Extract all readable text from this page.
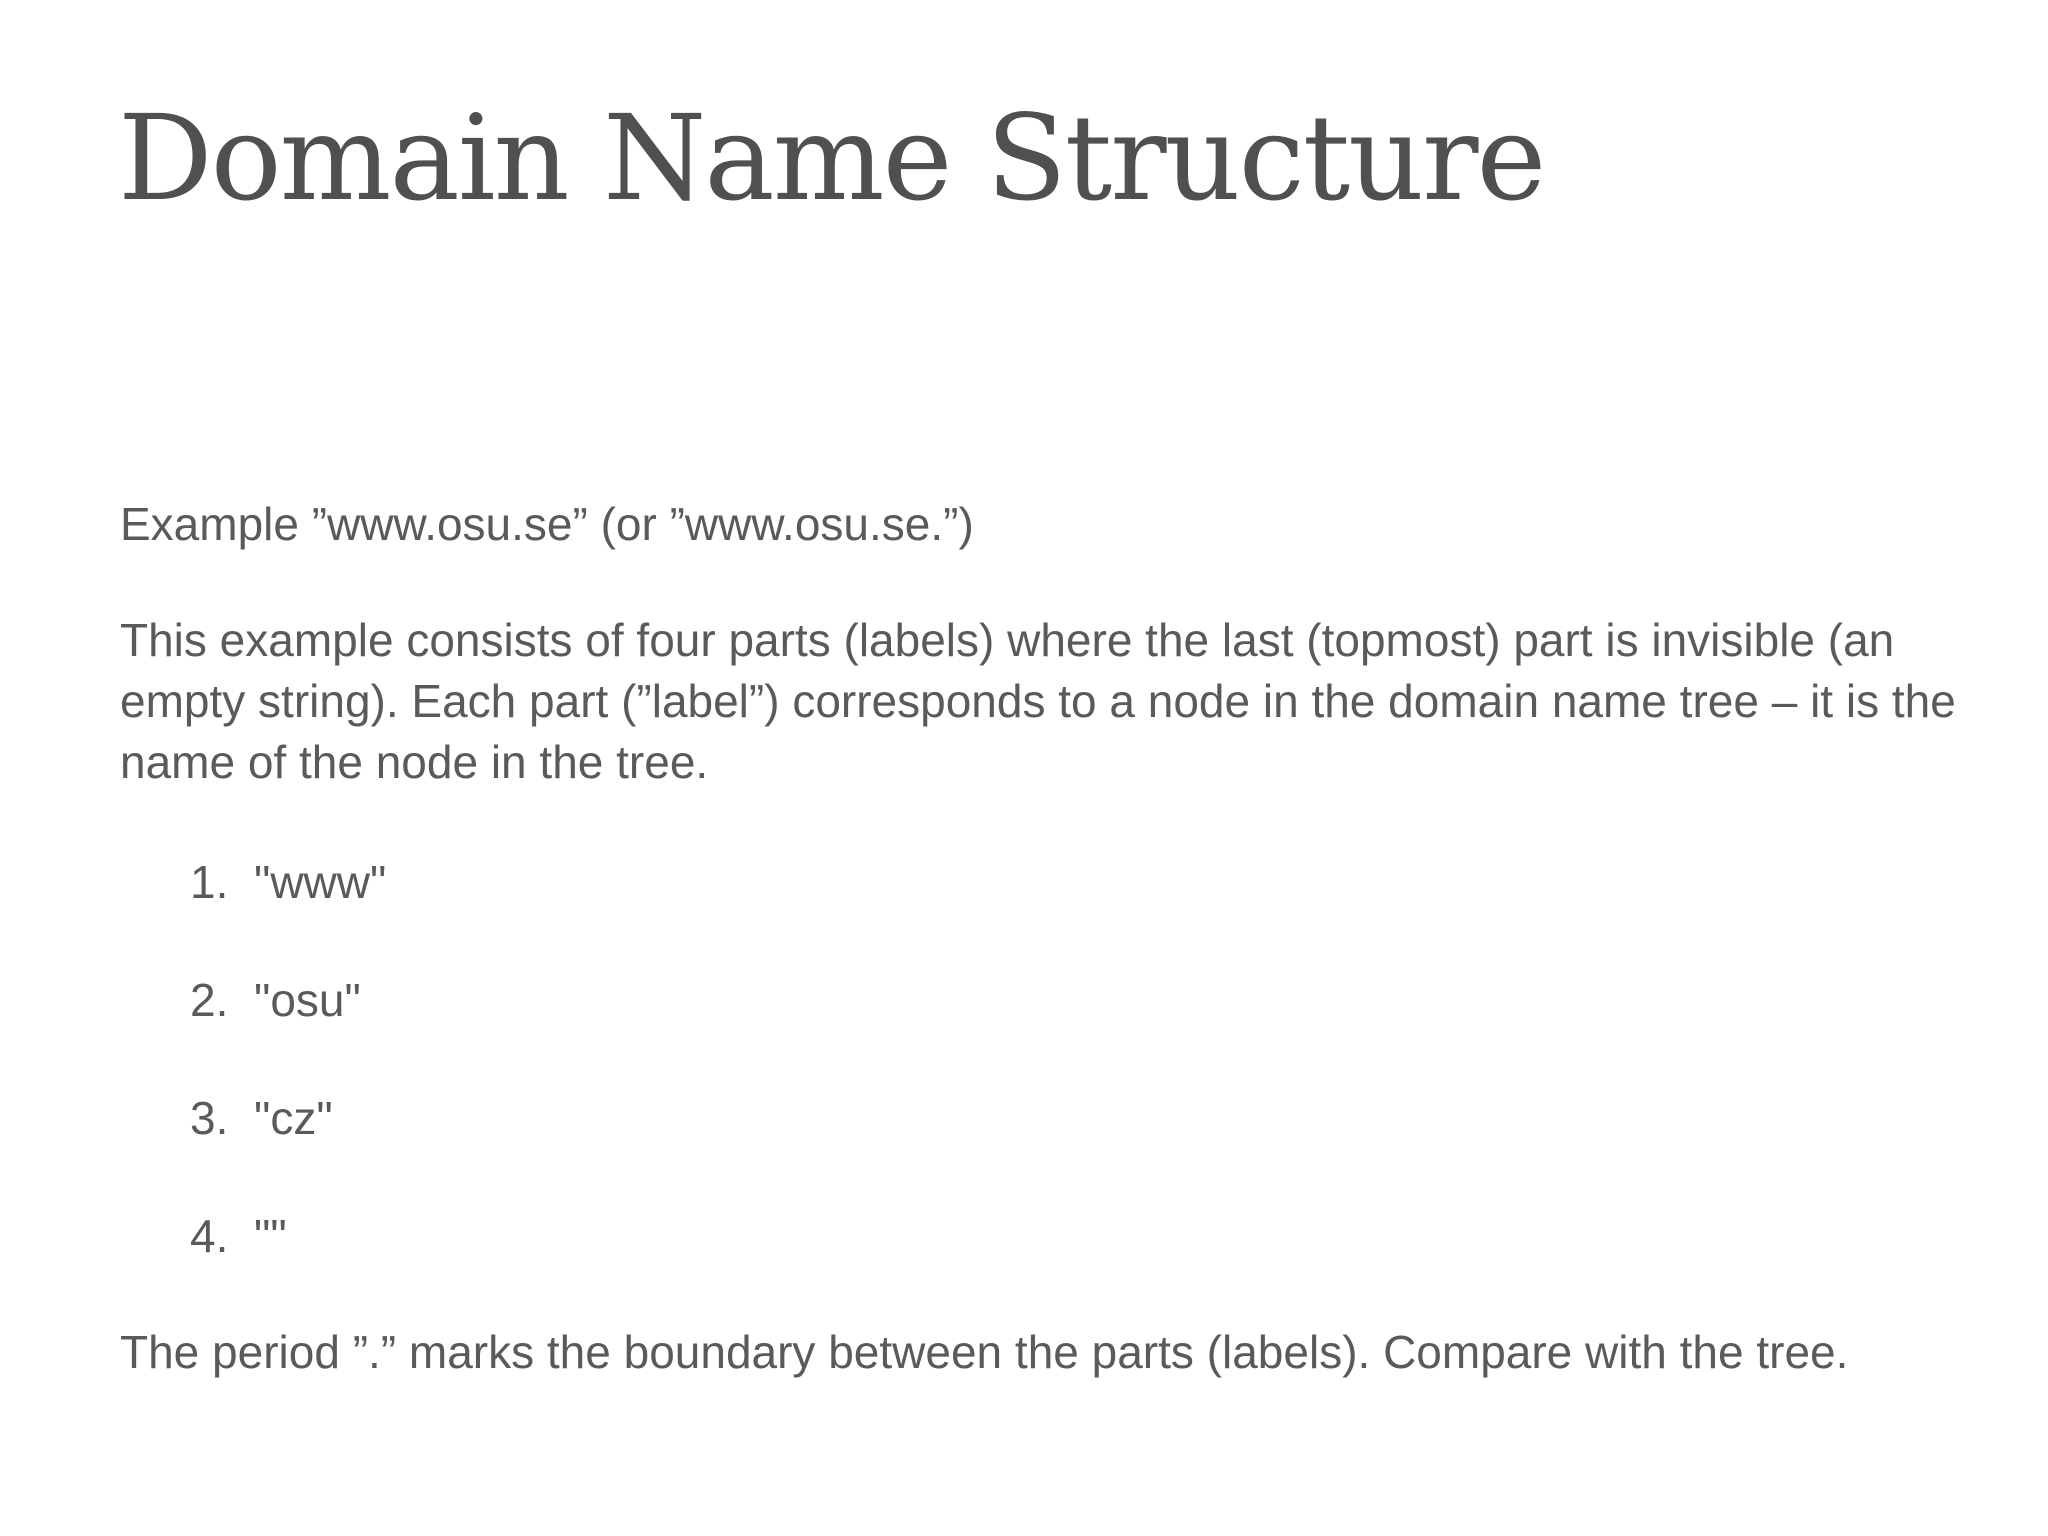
Domain Name Structure

Example ”www.osu.se” (or ”www.osu.se.”)

This example consists of four parts (labels) where the last (topmost) part is invisible (an empty string). Each part (”label”) corresponds to a node in the domain name tree – it is the name of the node in the tree.

1. "www"
2. "osu"
3. "cz"
4. ""

The period ”.” marks the boundary between the parts (labels). Compare with the tree.
